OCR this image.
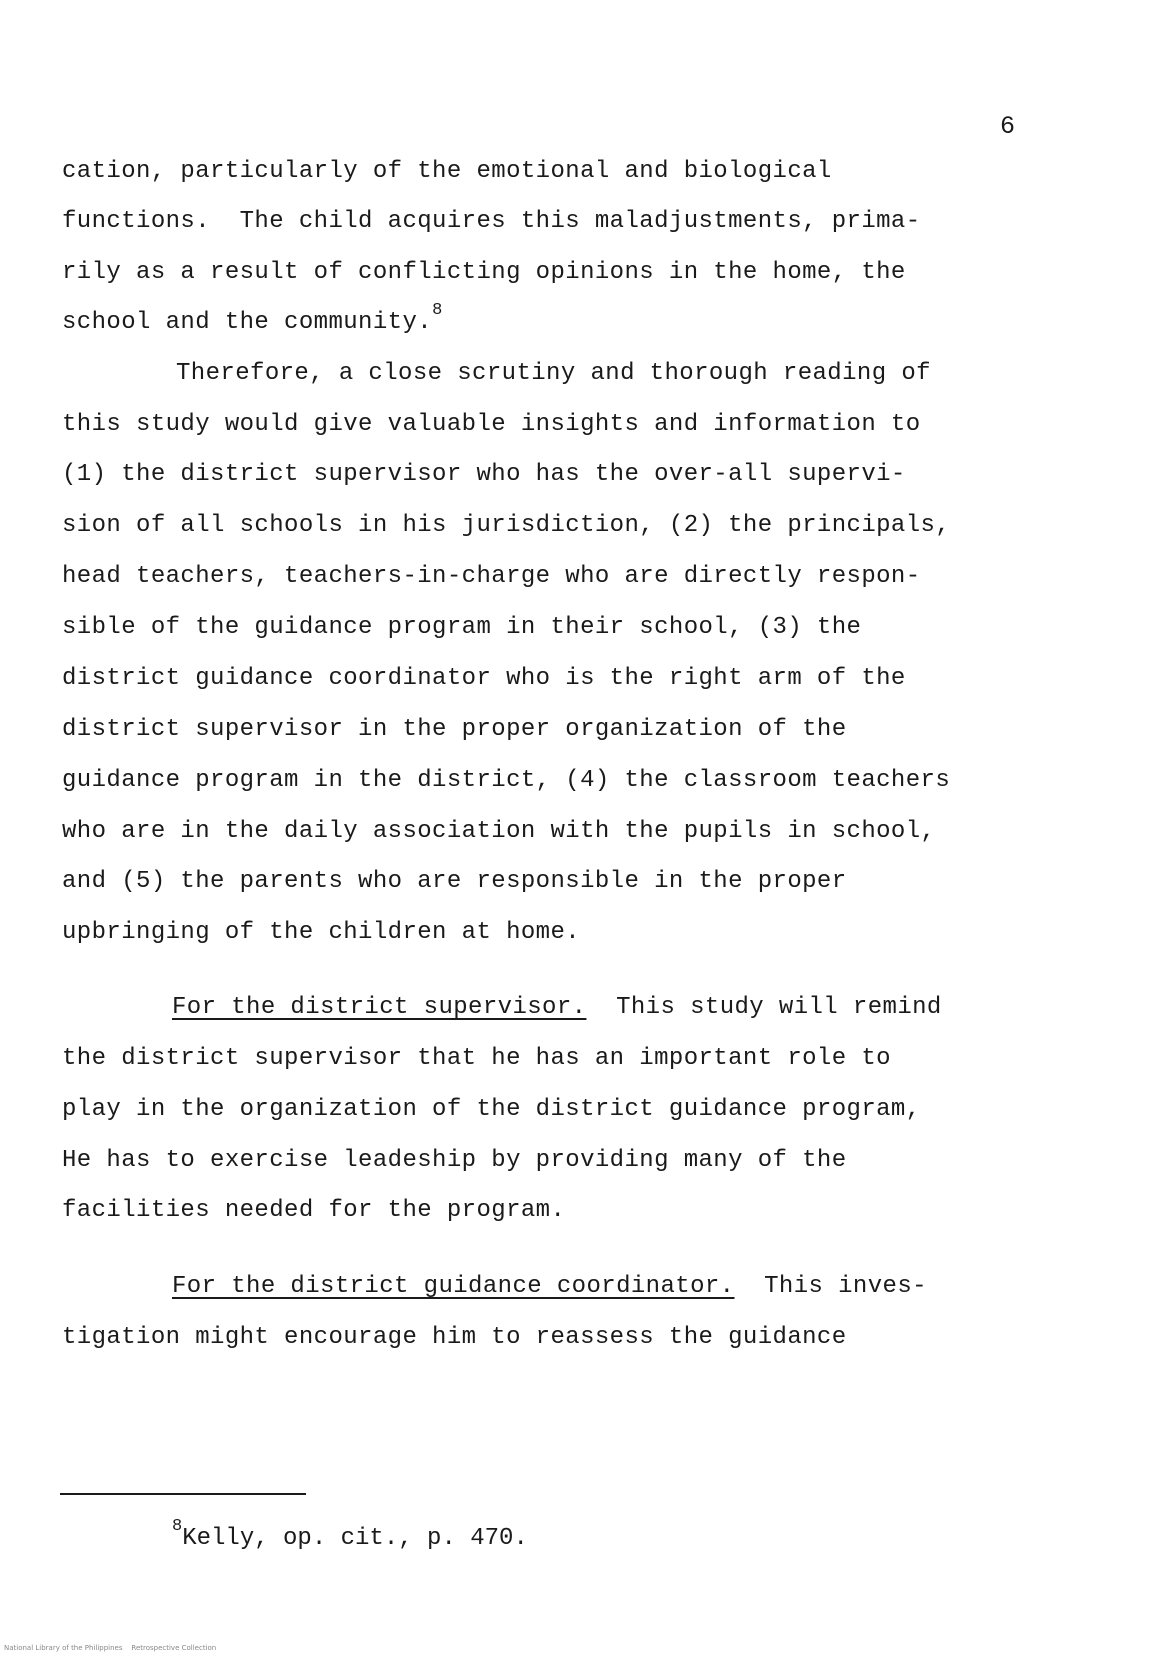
6
cation, particularly of the emotional and biological
functions.  The child acquires this maladjustments, prima-
rily as a result of conflicting opinions in the home, the
school and the community.$^8$
Therefore, a close scrutiny and thorough reading of
this study would give valuable insights and information to
(1) the district supervisor who has the over-all supervi-
sion of all schools in his jurisdiction, (2) the principals,
head teachers, teachers-in-charge who are directly respon-
sible of the guidance program in their school, (3) the
district guidance coordinator who is the right arm of the
district supervisor in the proper organization of the
guidance program in the district, (4) the classroom teachers
who are in the daily association with the pupils in school,
and (5) the parents who are responsible in the proper
upbringing of the children at home.
For the district supervisor.  This study will remind
the district supervisor that he has an important role to
play in the organization of the district guidance program,
He has to exercise leadeship by providing many of the
facilities needed for the program.
For the district guidance coordinator.  This inves-
tigation might encourage him to reassess the guidance
$^8$Kelly, op. cit., p. 470.
National Library of the Philippines    Retrospective Collection
